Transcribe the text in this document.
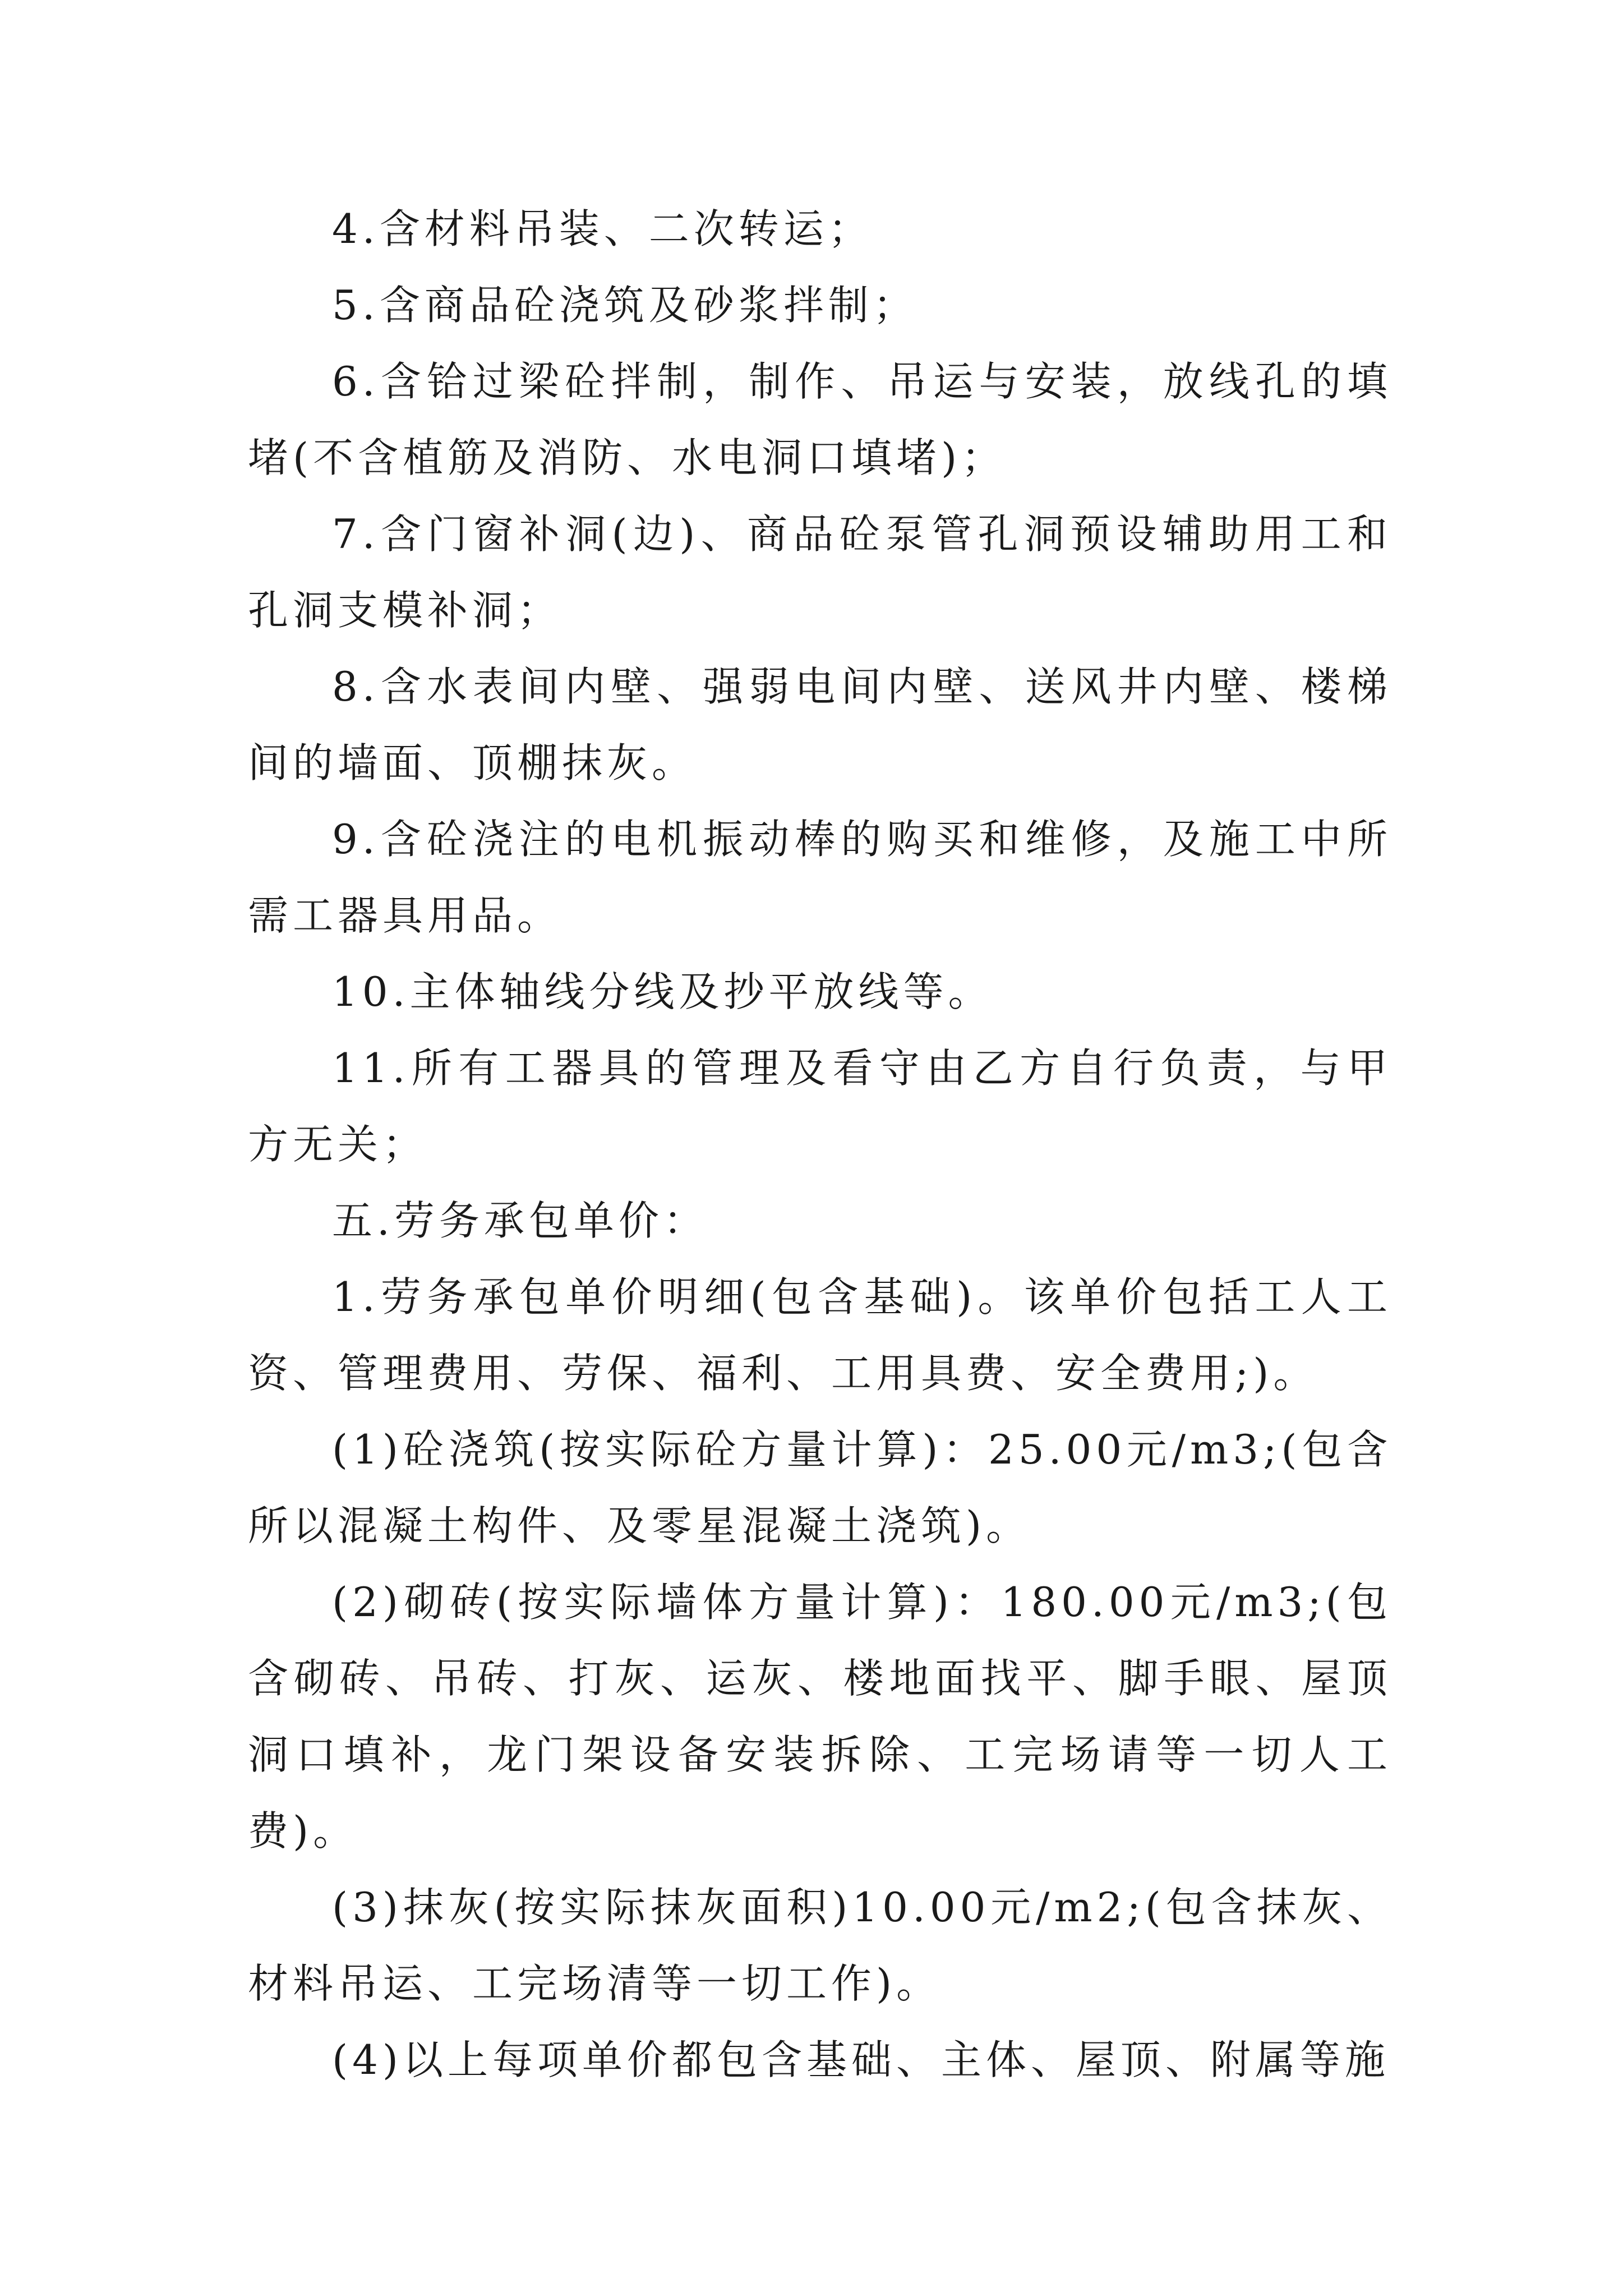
4.含材料吊装、二次转运；

5.含商品砼浇筑及砂浆拌制；

6.含铪过梁砼拌制，制作、吊运与安装，放线孔的填堵(不含植筋及消防、水电洞口填堵)；

7.含门窗补洞(边)、商品砼泵管孔洞预设辅助用工和孔洞支模补洞；

8.含水表间内壁、强弱电间内壁、送风井内壁、楼梯间的墙面、顶棚抹灰。

9.含砼浇注的电机振动棒的购买和维修，及施工中所需工器具用品。

10.主体轴线分线及抄平放线等。

11.所有工器具的管理及看守由乙方自行负责，与甲方无关；

五.劳务承包单价：

1.劳务承包单价明细(包含基础)。该单价包括工人工资、管理费用、劳保、福利、工用具费、安全费用;)。

(1)砼浇筑(按实际砼方量计算)：25.00元/m3;(包含所以混凝土构件、及零星混凝土浇筑)。

(2)砌砖(按实际墙体方量计算)：180.00元/m3;(包含砌砖、吊砖、打灰、运灰、楼地面找平、脚手眼、屋顶洞口填补，龙门架设备安装拆除、工完场请等一切人工费)。

(3)抹灰(按实际抹灰面积)10.00元/m2;(包含抹灰、材料吊运、工完场清等一切工作)。

(4)以上每项单价都包含基础、主体、屋顶、附属等施
